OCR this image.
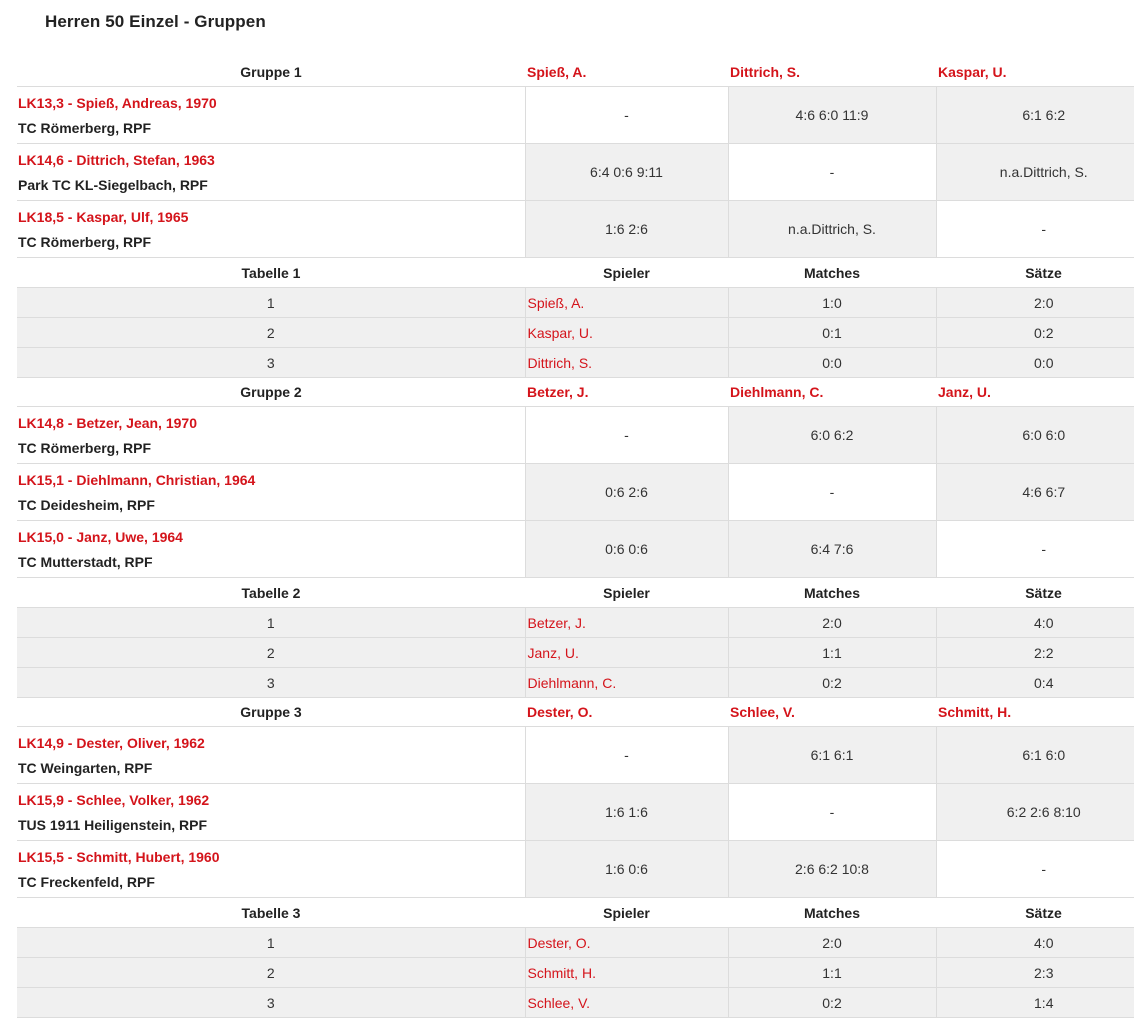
Herren 50 Einzel - Gruppen
Gruppe 1	Spieß, A.	Dittrich, S.	Kaspar, U.

LK13,3 - Spieß, Andreas, 1970
TC Römerberg, RPF	-	4:6 6:0 11:9	6:1 6:2

LK14,6 - Dittrich, Stefan, 1963
Park TC KL-Siegelbach, RPF	6:4 0:6 9:11	-	n.a.Dittrich, S.

LK18,5 - Kaspar, Ulf, 1965
TC Römerberg, RPF	1:6 2:6	n.a.Dittrich, S.	-
Tabelle 1	Spieler	Matches	Sätze
1	Spieß, A.	1:0	2:0
2	Kaspar, U.	0:1	0:2
3	Dittrich, S.	0:0	0:0
Gruppe 2	Betzer, J.	Diehlmann, C.	Janz, U.

LK14,8 - Betzer, Jean, 1970
TC Römerberg, RPF	-	6:0 6:2	6:0 6:0

LK15,1 - Diehlmann, Christian, 1964
TC Deidesheim, RPF	0:6 2:6	-	4:6 6:7

LK15,0 - Janz, Uwe, 1964
TC Mutterstadt, RPF	0:6 0:6	6:4 7:6	-
Tabelle 2	Spieler	Matches	Sätze
1	Betzer, J.	2:0	4:0
2	Janz, U.	1:1	2:2
3	Diehlmann, C.	0:2	0:4
Gruppe 3	Dester, O.	Schlee, V.	Schmitt, H.

LK14,9 - Dester, Oliver, 1962
TC Weingarten, RPF	-	6:1 6:1	6:1 6:0

LK15,9 - Schlee, Volker, 1962
TUS 1911 Heiligenstein, RPF	1:6 1:6	-	6:2 2:6 8:10

LK15,5 - Schmitt, Hubert, 1960
TC Freckenfeld, RPF	1:6 0:6	2:6 6:2 10:8	-
Tabelle 3	Spieler	Matches	Sätze
1	Dester, O.	2:0	4:0
2	Schmitt, H.	1:1	2:3
3	Schlee, V.	0:2	1:4
